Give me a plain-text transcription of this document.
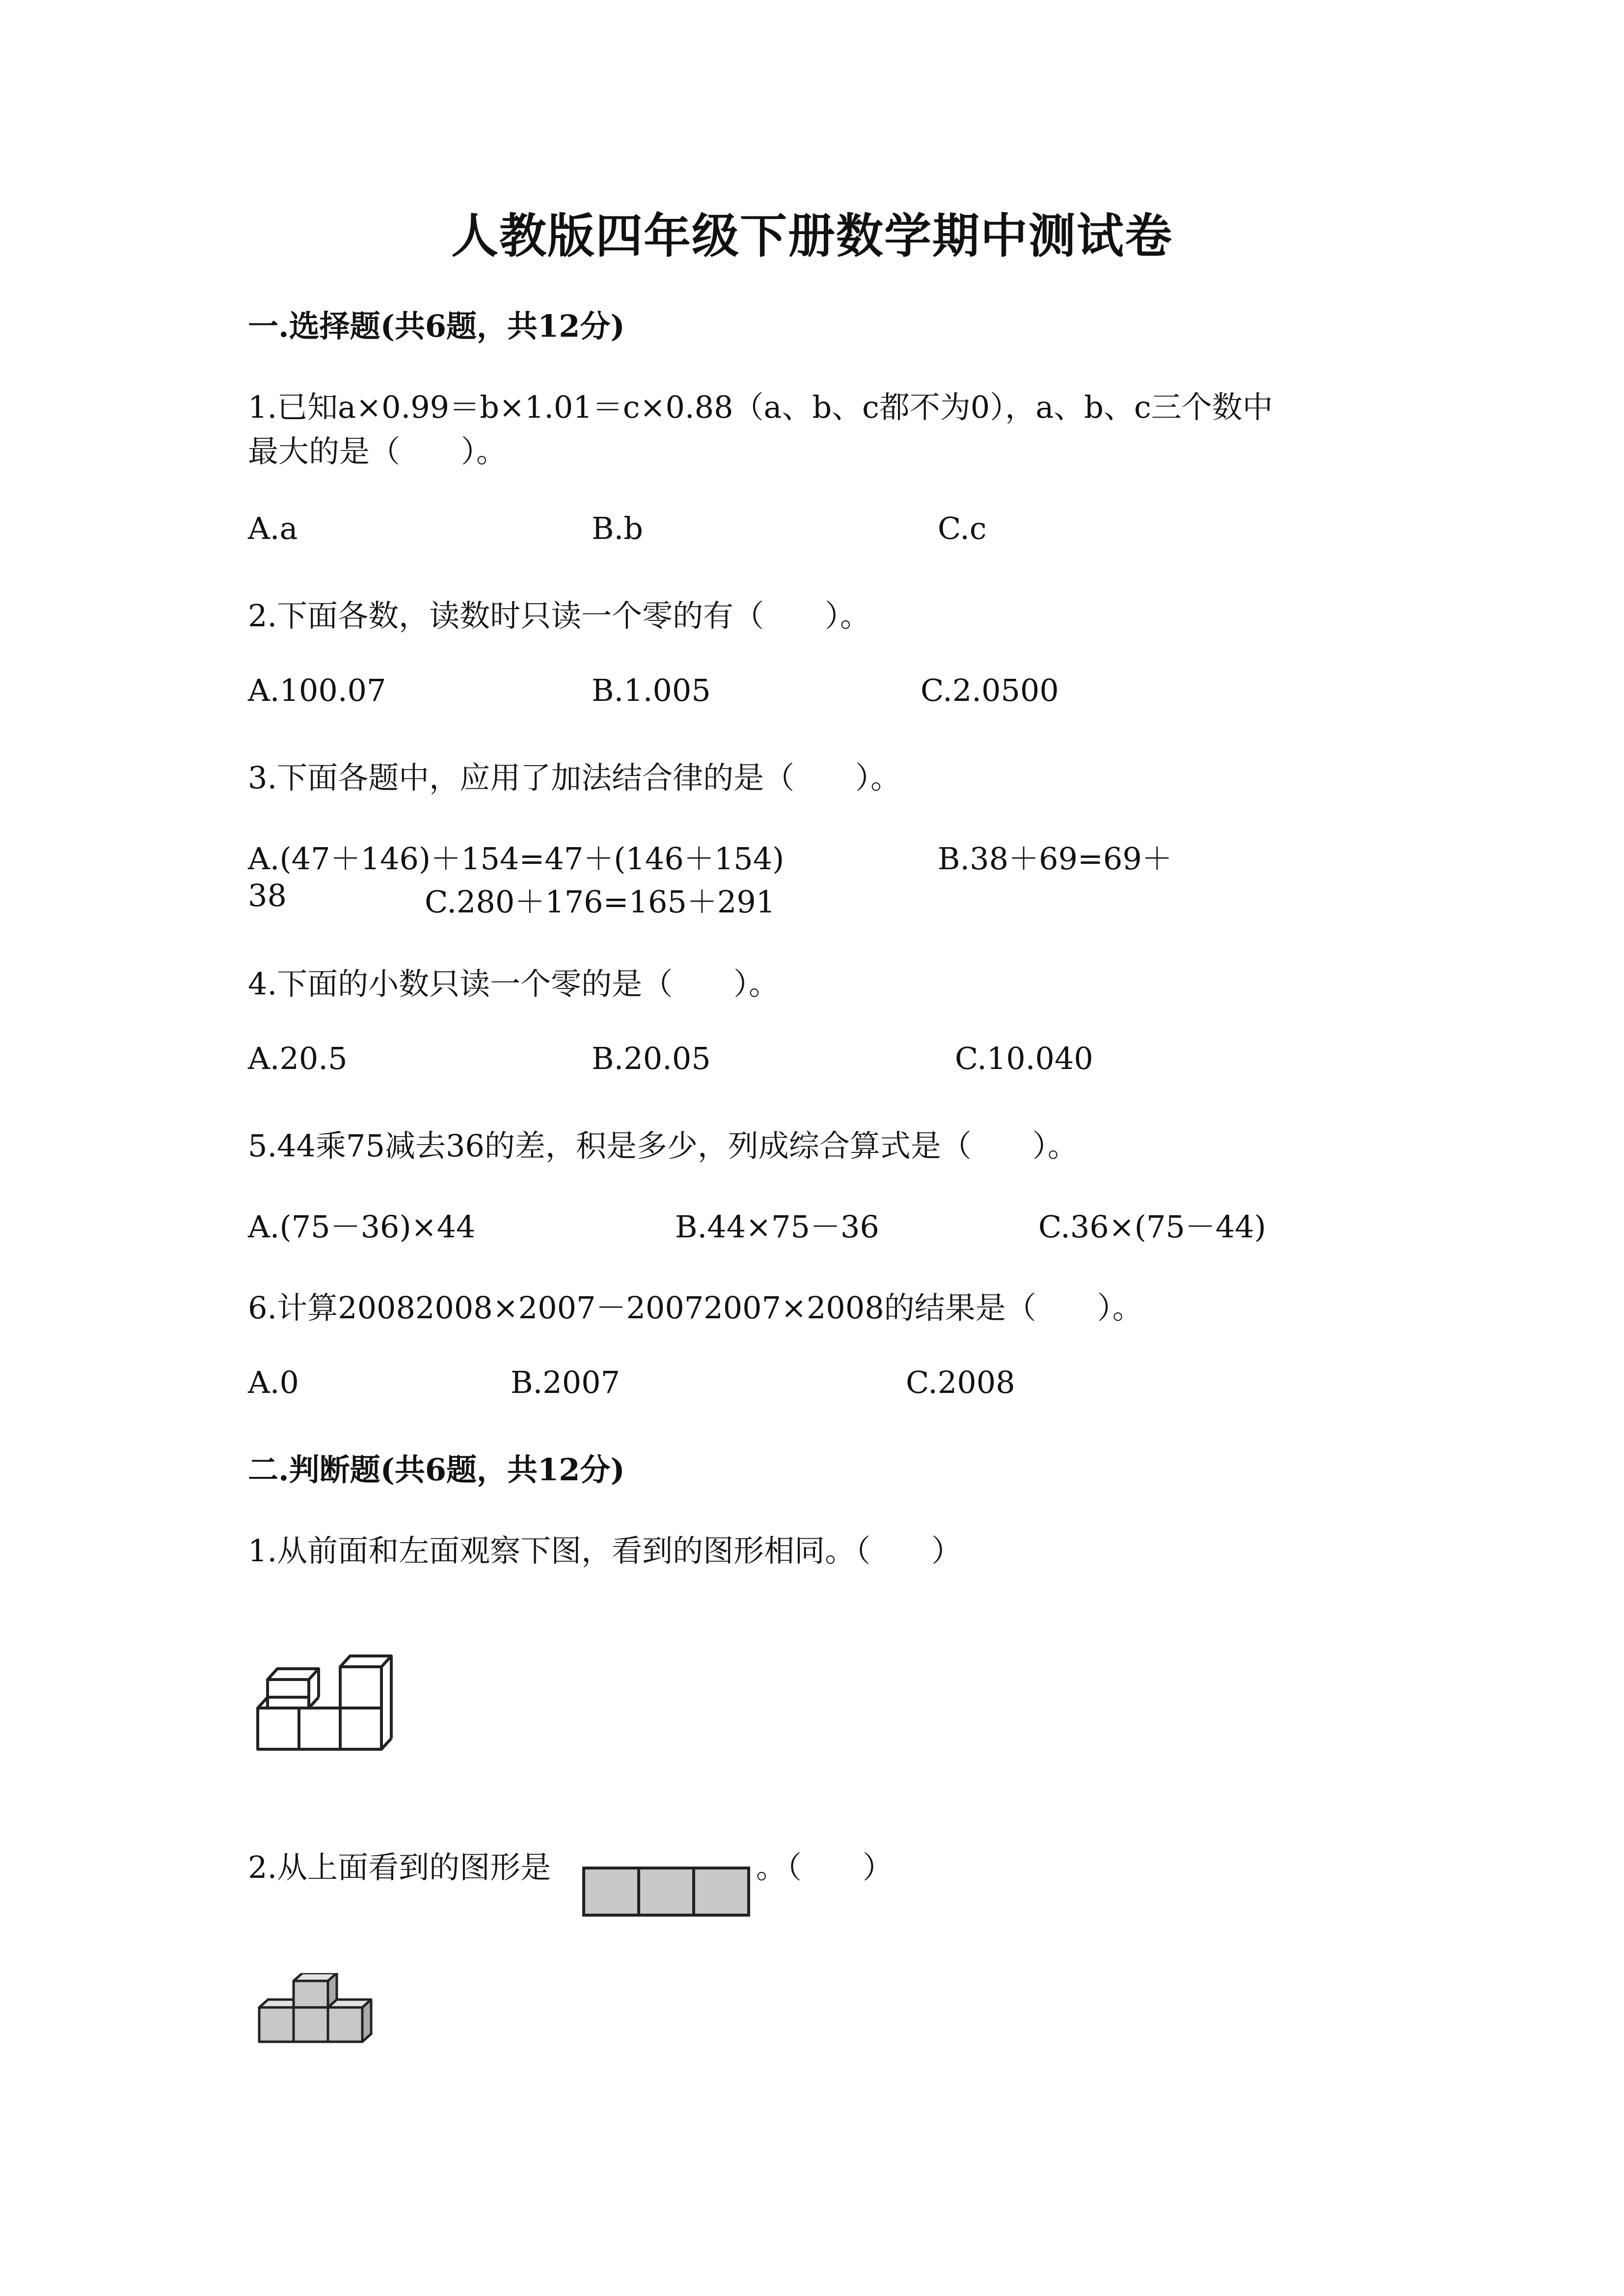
人教版四年级下册数学期中测试卷
一.选择题(共6题，共12分)
1.已知a×0.99＝b×1.01＝c×0.88（a、b、c都不为0），a、b、c三个数中
最大的是（　　）。
A.a	B.b	C.c
2.下面各数，读数时只读一个零的有（　　）。
A.100.07	B.1.005	C.2.0500
3.下面各题中，应用了加法结合律的是（　　）。
A.(47＋146)＋154=47＋(146＋154)	B.38＋69=69＋
38	C.280＋176=165＋291
4.下面的小数只读一个零的是（　　）。
A.20.5	B.20.05	C.10.040
5.44乘75减去36的差，积是多少，列成综合算式是（　　）。
A.(75－36)×44	B.44×75－36	C.36×(75－44)
6.计算20082008×2007－20072007×2008的结果是（　　）。
A.0	B.2007	C.2008
二.判断题(共6题，共12分)
1.从前面和左面观察下图，看到的图形相同。（　　）
2.从上面看到的图形是	。（　　）
